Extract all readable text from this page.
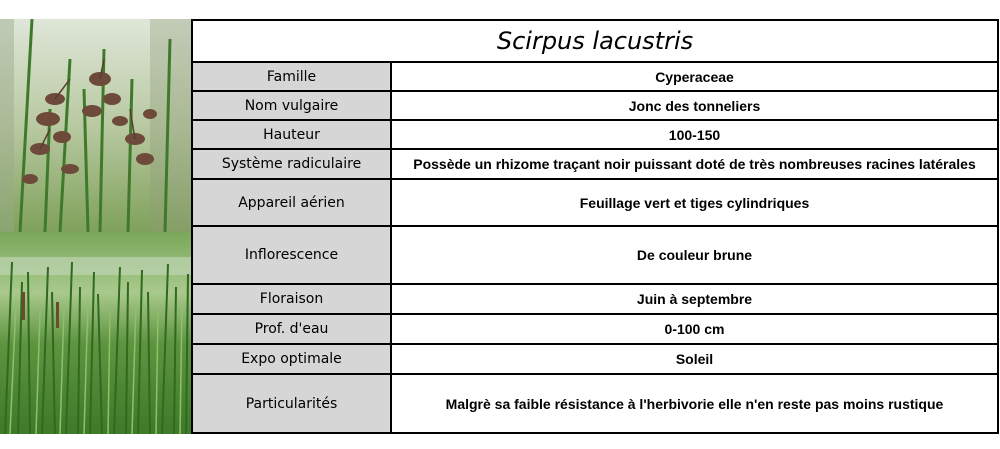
Scirpus lacustris
Famille	Cyperaceae
Nom vulgaire	Jonc des tonneliers
Hauteur	100-150
Système radiculaire	Possède un rhizome traçant noir puissant doté de très nombreuses racines latérales
Appareil aérien	Feuillage vert et tiges cylindriques
Inflorescence	De couleur brune
Floraison	Juin à septembre
Prof. d'eau	0-100 cm
Expo optimale	Soleil
Particularités	Malgrè sa faible résistance à l'herbivorie elle n'en reste pas moins rustique
